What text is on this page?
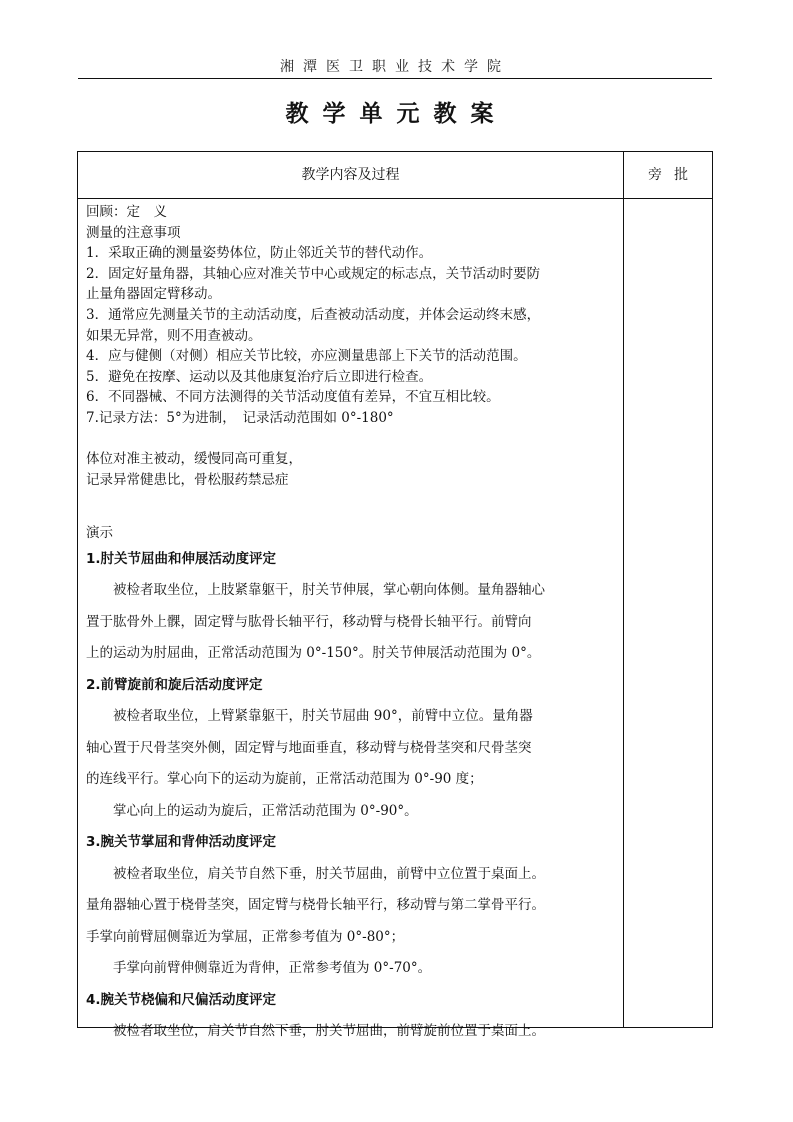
湘潭医卫职业技术学院
教学单元教案
教学内容及过程	旁批
回顾：定　义
测量的注意事项
1．采取正确的测量姿势体位，防止邻近关节的替代动作。
2．固定好量角器，其轴心应对准关节中心或规定的标志点，关节活动时要防
止量角器固定臂移动。
3．通常应先测量关节的主动活动度，后查被动活动度，并体会运动终末感，
如果无异常，则不用查被动。
4．应与健侧（对侧）相应关节比较，亦应测量患部上下关节的活动范围。
5．避免在按摩、运动以及其他康复治疗后立即进行检查。
6．不同器械、不同方法测得的关节活动度值有差异，不宜互相比较。
7.记录方法：5°为进制，　记录活动范围如 0°-180°
体位对准主被动，缓慢同高可重复，
记录异常健患比，骨松服药禁忌症
演示
1.肘关节屈曲和伸展活动度评定
被检者取坐位，上肢紧靠躯干，肘关节伸展，掌心朝向体侧。量角器轴心
置于肱骨外上髁，固定臂与肱骨长轴平行，移动臂与桡骨长轴平行。前臂向
上的运动为肘屈曲，正常活动范围为 0°-150°。肘关节伸展活动范围为 0°。
2.前臂旋前和旋后活动度评定
被检者取坐位，上臂紧靠躯干，肘关节屈曲 90°，前臂中立位。量角器
轴心置于尺骨茎突外侧，固定臂与地面垂直，移动臂与桡骨茎突和尺骨茎突
的连线平行。掌心向下的运动为旋前，正常活动范围为 0°-90 度；
掌心向上的运动为旋后，正常活动范围为 0°-90°。
3.腕关节掌屈和背伸活动度评定
被检者取坐位，肩关节自然下垂，肘关节屈曲，前臂中立位置于桌面上。
量角器轴心置于桡骨茎突，固定臂与桡骨长轴平行，移动臂与第二掌骨平行。
手掌向前臂屈侧靠近为掌屈，正常参考值为 0°-80°；
手掌向前臂伸侧靠近为背伸，正常参考值为 0°-70°。
4.腕关节桡偏和尺偏活动度评定
被检者取坐位，肩关节自然下垂，肘关节屈曲，前臂旋前位置于桌面上。
